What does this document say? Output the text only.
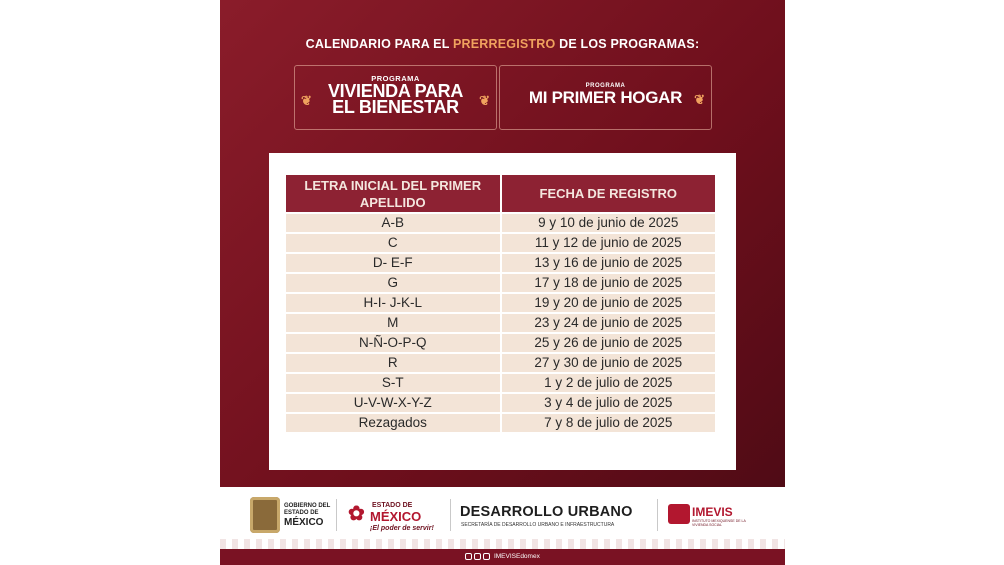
CALENDARIO PARA EL PRERREGISTRO DE LOS PROGRAMAS:
PROGRAMA
VIVIENDA PARA
EL BIENESTAR
❦	❦
PROGRAMA
MI PRIMER HOGAR ❦
LETRA INICIAL DEL PRIMER APELLIDO	FECHA DE REGISTRO
A-B	9 y 10 de junio de 2025
C	11 y 12 de junio de 2025
D- E-F	13 y 16 de junio de 2025
G	17 y 18 de junio de 2025
H-I- J-K-L	19 y 20 de junio de 2025
M	23 y 24 de junio de 2025
N-Ñ-O-P-Q	25 y 26 de junio de 2025
R	27 y 30 de junio de 2025
S-T	1 y 2 de julio de 2025
U-V-W-X-Y-Z	3 y 4 de julio de 2025
Rezagados	7 y 8 de julio de 2025
GOBIERNO DEL
ESTADO DE
MÉXICO	✿ ESTADO DE
MÉXICO
¡El poder de servir!
DESARROLLO URBANO
SECRETARÍA DE DESARROLLO URBANO E INFRAESTRUCTURA
IMEVIS
INSTITUTO MEXIQUENSE DE LA VIVIENDA SOCIAL
IMEVISEdomex
